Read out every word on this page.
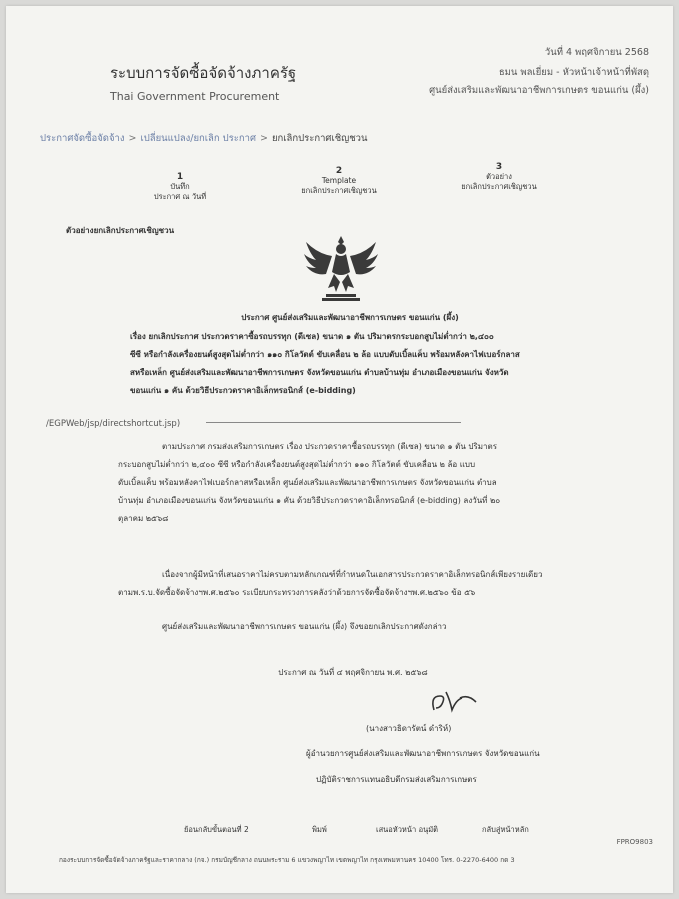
ระบบการจัดซื้อจัดจ้างภาครัฐ
Thai Government Procurement
วันที่ 4 พฤศจิกายน 2568
ธมน พลเยี่ยม - หัวหน้าเจ้าหน้าที่พัสดุ
ศูนย์ส่งเสริมและพัฒนาอาชีพการเกษตร ขอนแก่น (ผึ้ง)
ประกาศจัดซื้อจัดจ้าง > เปลี่ยนแปลง/ยกเลิก ประกาศ > ยกเลิกประกาศเชิญชวน
1
บันทึก
ประกาศ ณ วันที่
2
Template
ยกเลิกประกาศเชิญชวน
3
ตัวอย่าง
ยกเลิกประกาศเชิญชวน
ตัวอย่างยกเลิกประกาศเชิญชวน
ประกาศ ศูนย์ส่งเสริมและพัฒนาอาชีพการเกษตร ขอนแก่น (ผึ้ง)
เรื่อง ยกเลิกประกาศ ประกวดราคาซื้อรถบรรทุก (ดีเซล) ขนาด ๑ ตัน ปริมาตรกระบอกสูบไม่ต่ำกว่า ๒,๔๐๐
ซีซี หรือกำลังเครื่องยนต์สูงสุดไม่ต่ำกว่า ๑๑๐ กิโลวัตต์ ขับเคลื่อน ๒ ล้อ แบบดับเบิ้ลแค็บ พร้อมหลังคาไฟเบอร์กลาส
สหรือเหล็ก ศูนย์ส่งเสริมและพัฒนาอาชีพการเกษตร จังหวัดขอนแก่น ตำบลบ้านทุ่ม อำเภอเมืองขอนแก่น จังหวัด
ขอนแก่น ๑ คัน ด้วยวิธีประกวดราคาอิเล็กทรอนิกส์ (e-bidding)
/EGPWeb/jsp/directshortcut.jsp)
ตามประกาศ กรมส่งเสริมการเกษตร เรื่อง ประกวดราคาซื้อรถบรรทุก (ดีเซล) ขนาด ๑ ตัน ปริมาตร
กระบอกสูบไม่ต่ำกว่า ๒,๔๐๐ ซีซี หรือกำลังเครื่องยนต์สูงสุดไม่ต่ำกว่า ๑๑๐ กิโลวัตต์ ขับเคลื่อน ๒ ล้อ แบบ
ดับเบิ้ลแค็บ พร้อมหลังคาไฟเบอร์กลาสหรือเหล็ก ศูนย์ส่งเสริมและพัฒนาอาชีพการเกษตร จังหวัดขอนแก่น ตำบล
บ้านทุ่ม อำเภอเมืองขอนแก่น จังหวัดขอนแก่น ๑ คัน ด้วยวิธีประกวดราคาอิเล็กทรอนิกส์ (e-bidding) ลงวันที่ ๒๐
ตุลาคม ๒๕๖๘
เนื่องจากผู้มีหน้าที่เสนอราคาไม่ครบตามหลักเกณฑ์ที่กำหนดในเอกสารประกวดราคาอิเล็กทรอนิกส์เพียงรายเดียว
ตามพ.ร.บ.จัดซื้อจัดจ้างฯพ.ศ.๒๕๖๐ ระเบียบกระทรวงการคลังว่าด้วยการจัดซื้อจัดจ้างฯพ.ศ.๒๕๖๐ ข้อ ๕๖
ศูนย์ส่งเสริมและพัฒนาอาชีพการเกษตร ขอนแก่น (ผึ้ง) จึงขอยกเลิกประกาศดังกล่าว
ประกาศ ณ วันที่ ๔ พฤศจิกายน พ.ศ. ๒๕๖๘
(นางสาวธิดารัตน์ ดำริห์)
ผู้อำนวยการศูนย์ส่งเสริมและพัฒนาอาชีพการเกษตร จังหวัดขอนแก่น
ปฏิบัติราชการแทนอธิบดีกรมส่งเสริมการเกษตร
ย้อนกลับขั้นตอนที่ 2	พิมพ์	เสนอหัวหน้า อนุมัติ	กลับสู่หน้าหลัก
กองระบบการจัดซื้อจัดจ้างภาครัฐและราคากลาง (กจ.) กรมบัญชีกลาง ถนนพระราม 6 แขวงพญาไท เขตพญาไท กรุงเทพมหานคร 10400 โทร. 0-2270-6400 กด 3
FPRO9803
